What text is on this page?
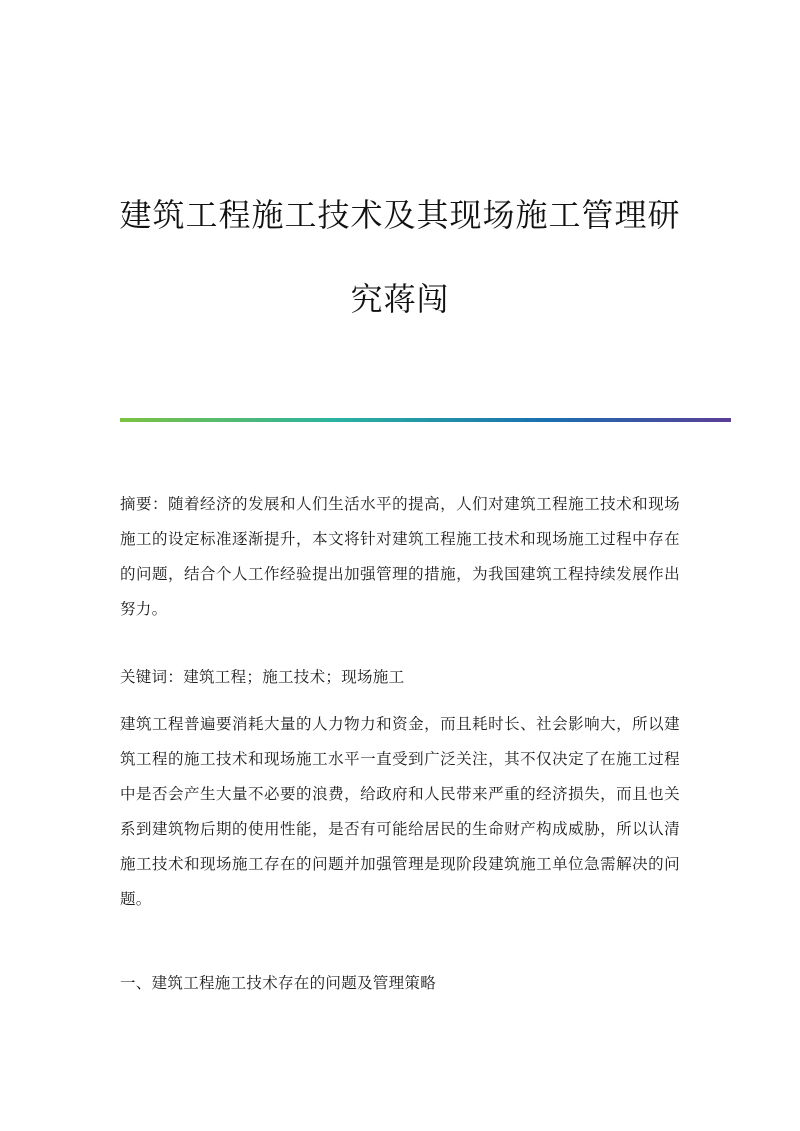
建筑工程施工技术及其现场施工管理研
究蒋闯

摘要：随着经济的发展和人们生活水平的提高，人们对建筑工程施工技术和现场施工的设定标准逐渐提升，本文将针对建筑工程施工技术和现场施工过程中存在的问题，结合个人工作经验提出加强管理的措施，为我国建筑工程持续发展作出努力。

关键词：建筑工程；施工技术；现场施工

建筑工程普遍要消耗大量的人力物力和资金，而且耗时长、社会影响大，所以建筑工程的施工技术和现场施工水平一直受到广泛关注，其不仅决定了在施工过程中是否会产生大量不必要的浪费，给政府和人民带来严重的经济损失，而且也关系到建筑物后期的使用性能，是否有可能给居民的生命财产构成威胁，所以认清施工技术和现场施工存在的问题并加强管理是现阶段建筑施工单位急需解决的问题。

一、建筑工程施工技术存在的问题及管理策略
